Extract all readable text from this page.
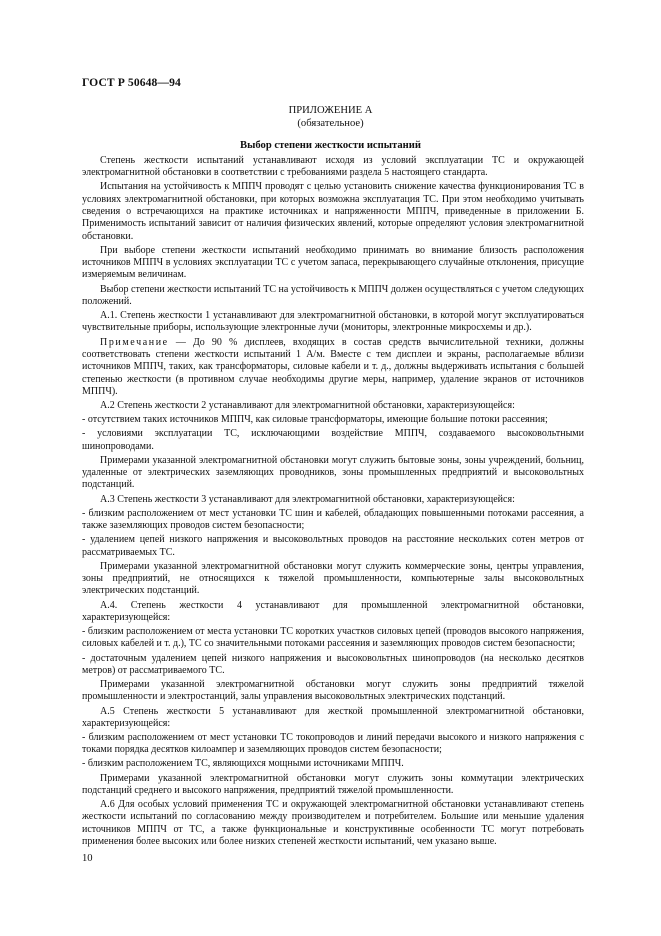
ГОСТ Р 50648—94
ПРИЛОЖЕНИЕ А
(обязательное)
Выбор степени жесткости испытаний

Степень жесткости испытаний устанавливают исходя из условий эксплуатации ТС и окружающей электромагнитной обстановки в соответствии с требованиями раздела 5 настоящего стандарта.

Испытания на устойчивость к МППЧ проводят с целью установить снижение качества функционирования ТС в условиях электромагнитной обстановки, при которых возможна эксплуатация ТС. При этом необходимо учитывать сведения о встречающихся на практике источниках и напряженности МППЧ, приведенные в приложении Б. Применимость испытаний зависит от наличия физических явлений, которые определяют условия электромагнитной обстановки.

При выборе степени жесткости испытаний необходимо принимать во внимание близость расположения источников МППЧ в условиях эксплуатации ТС с учетом запаса, перекрывающего случайные отклонения, присущие измеряемым величинам.

Выбор степени жесткости испытаний ТС на устойчивость к МППЧ должен осуществляться с учетом следующих положений.

А.1. Степень жесткости 1 устанавливают для электромагнитной обстановки, в которой могут эксплуатироваться чувствительные приборы, использующие электронные лучи (мониторы, электронные микросхемы и др.).

Примечание — До 90 % дисплеев, входящих в состав средств вычислительной техники, должны соответствовать степени жесткости испытаний 1 А/м. Вместе с тем дисплеи и экраны, располагаемые вблизи источников МППЧ, таких, как трансформаторы, силовые кабели и т. д., должны выдерживать испытания с большей степенью жесткости (в противном случае необходимы другие меры, например, удаление экранов от источников МППЧ).

А.2 Степень жесткости 2 устанавливают для электромагнитной обстановки, характеризующейся:

- отсутствием таких источников МППЧ, как силовые трансформаторы, имеющие большие потоки рассеяния;

- условиями эксплуатации ТС, исключающими воздействие МППЧ, создаваемого высоковольтными шинопроводами.

Примерами указанной электромагнитной обстановки могут служить бытовые зоны, зоны учреждений, больниц, удаленные от электрических заземляющих проводников, зоны промышленных предприятий и высоковольтных подстанций.

А.3 Степень жесткости 3 устанавливают для электромагнитной обстановки, характеризующейся:

- близким расположением от мест установки ТС шин и кабелей, обладающих повышенными потоками рассеяния, а также заземляющих проводов систем безопасности;

- удалением цепей низкого напряжения и высоковольтных проводов на расстояние нескольких сотен метров от рассматриваемых ТС.

Примерами указанной электромагнитной обстановки могут служить коммерческие зоны, центры управления, зоны предприятий, не относящихся к тяжелой промышленности, компьютерные залы высоковольтных электрических подстанций.

А.4. Степень жесткости 4 устанавливают для промышленной электромагнитной обстановки, характеризующейся:

- близким расположением от места установки ТС коротких участков силовых цепей (проводов высокого напряжения, силовых кабелей и т. д.), ТС со значительными потоками рассеяния и заземляющих проводов систем безопасности;

- достаточным удалением цепей низкого напряжения и высоковольтных шинопроводов (на несколько десятков метров) от рассматриваемого ТС.

Примерами указанной электромагнитной обстановки могут служить зоны предприятий тяжелой промышленности и электростанций, залы управления высоковольтных электрических подстанций.

А.5 Степень жесткости 5 устанавливают для жесткой промышленной электромагнитной обстановки, характеризующейся:

- близким расположением от мест установки ТС токопроводов и линий передачи высокого и низкого напряжения с токами порядка десятков килоампер и заземляющих проводов систем безопасности;

- близким расположением ТС, являющихся мощными источниками МППЧ.

Примерами указанной электромагнитной обстановки могут служить зоны коммутации электрических подстанций среднего и высокого напряжения, предприятий тяжелой промышленности.

А.6 Для особых условий применения ТС и окружающей электромагнитной обстановки устанавливают степень жесткости испытаний по согласованию между производителем и потребителем. Большие или меньшие удаления источников МППЧ от ТС, а также функциональные и конструктивные особенности ТС могут потребовать применения более высоких или более низких степеней жесткости испытаний, чем указано выше.

10
